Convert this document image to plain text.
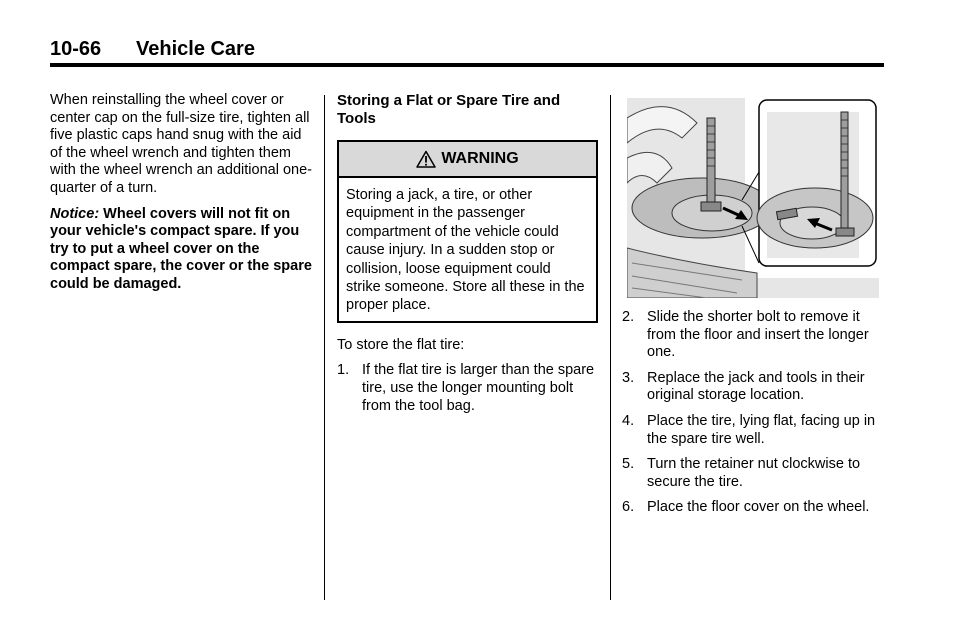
10-66 Vehicle Care

When reinstalling the wheel cover or center cap on the full-size tire, tighten all five plastic caps hand snug with the aid of the wheel wrench and tighten them with the wheel wrench an additional one-quarter of a turn.

Notice: Wheel covers will not fit on your vehicle's compact spare. If you try to put a wheel cover on the compact spare, the cover or the spare could be damaged.

Storing a Flat or Spare Tire and Tools
WARNING
Storing a jack, a tire, or other equipment in the passenger compartment of the vehicle could cause injury. In a sudden stop or collision, loose equipment could strike someone. Store all these in the proper place.

To store the flat tire:

1. If the flat tire is larger than the spare tire, use the longer mounting bolt from the tool bag.
2. Slide the shorter bolt to remove it from the floor and insert the longer one.
3. Replace the jack and tools in their original storage location.
4. Place the tire, lying flat, facing up in the spare tire well.
5. Turn the retainer nut clockwise to secure the tire.
6. Place the floor cover on the wheel.
